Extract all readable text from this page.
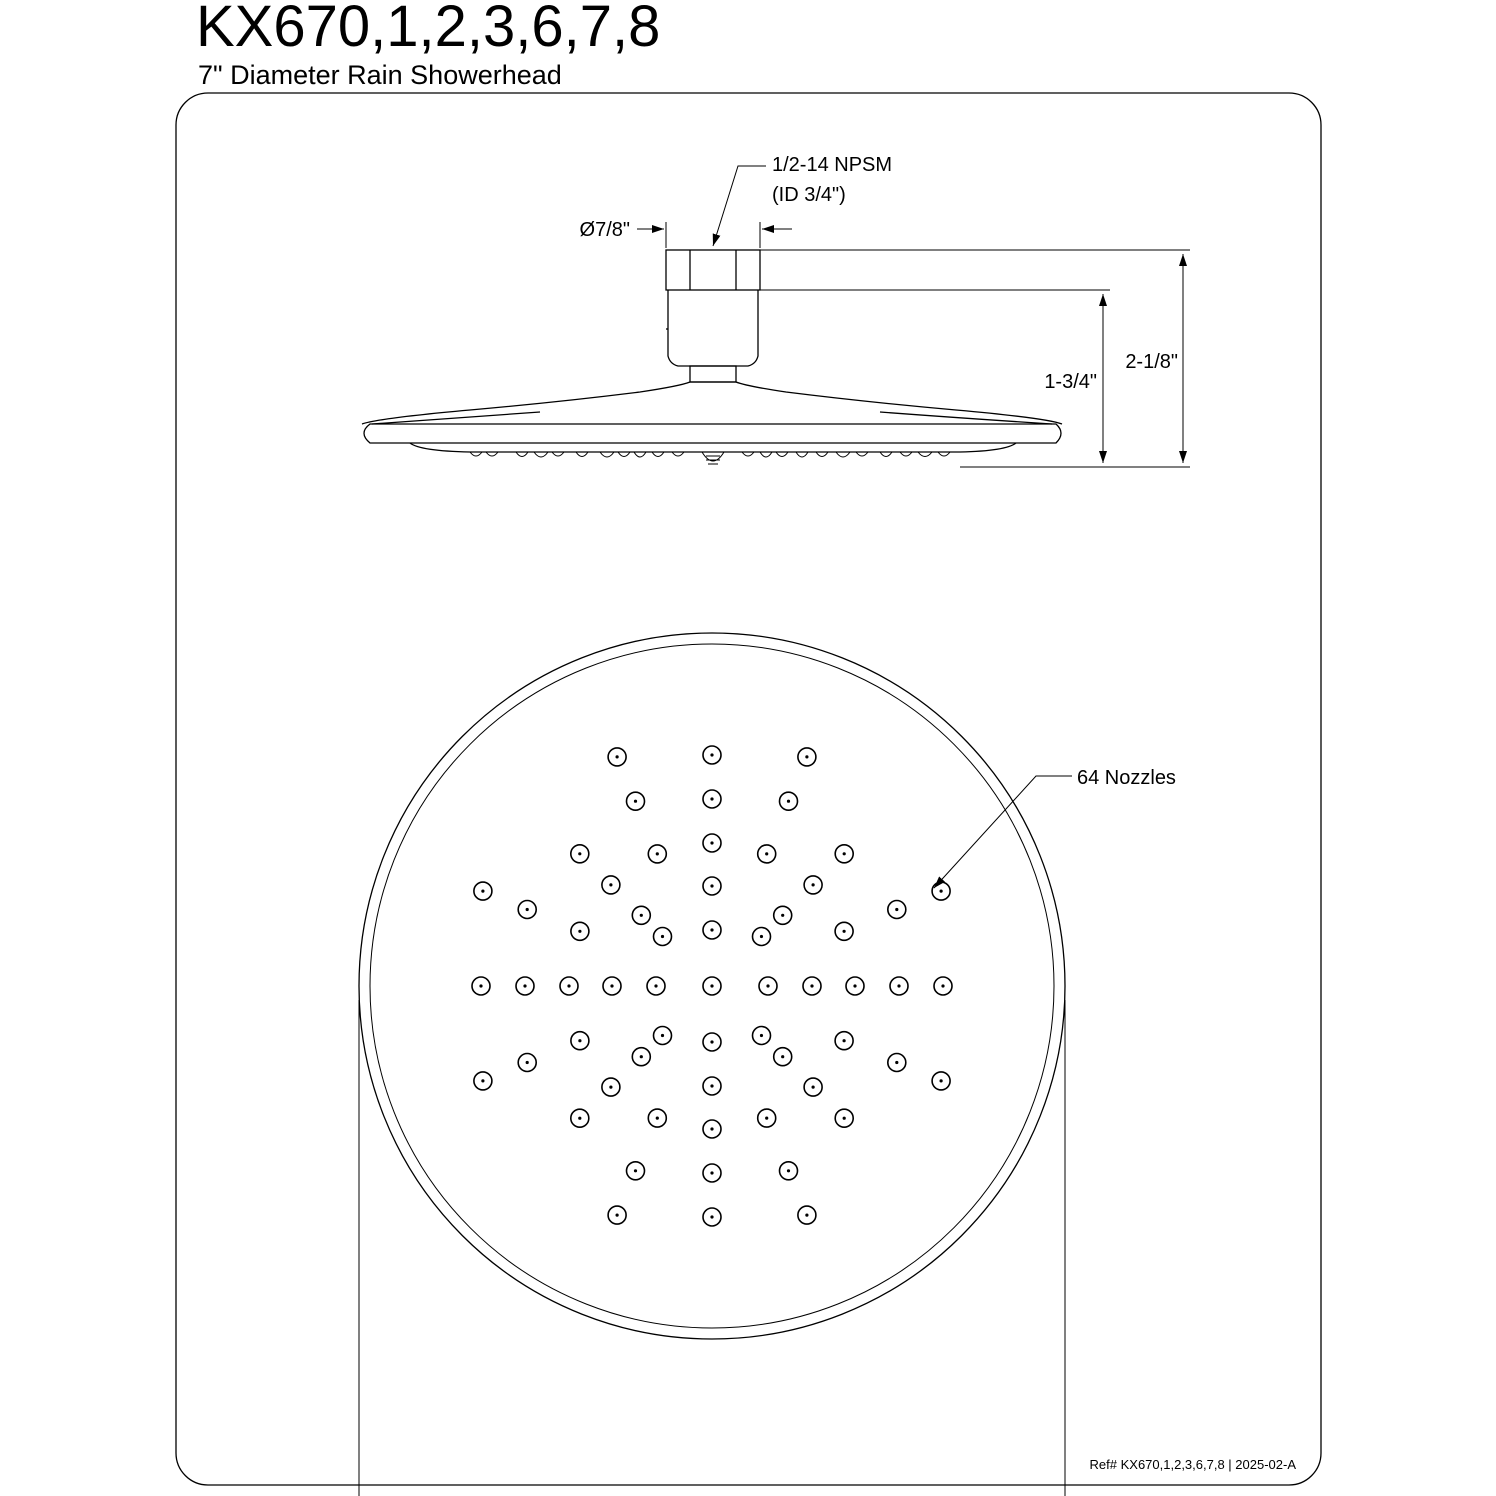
KX670,1,2,3,6,7,8
7" Diameter Rain Showerhead
1/2-14 NPSM
(ID 3/4")
Ø7/8"
1-3/4"
2-1/8"
64 Nozzles
Ref# KX670,1,2,3,6,7,8 | 2025-02-A
